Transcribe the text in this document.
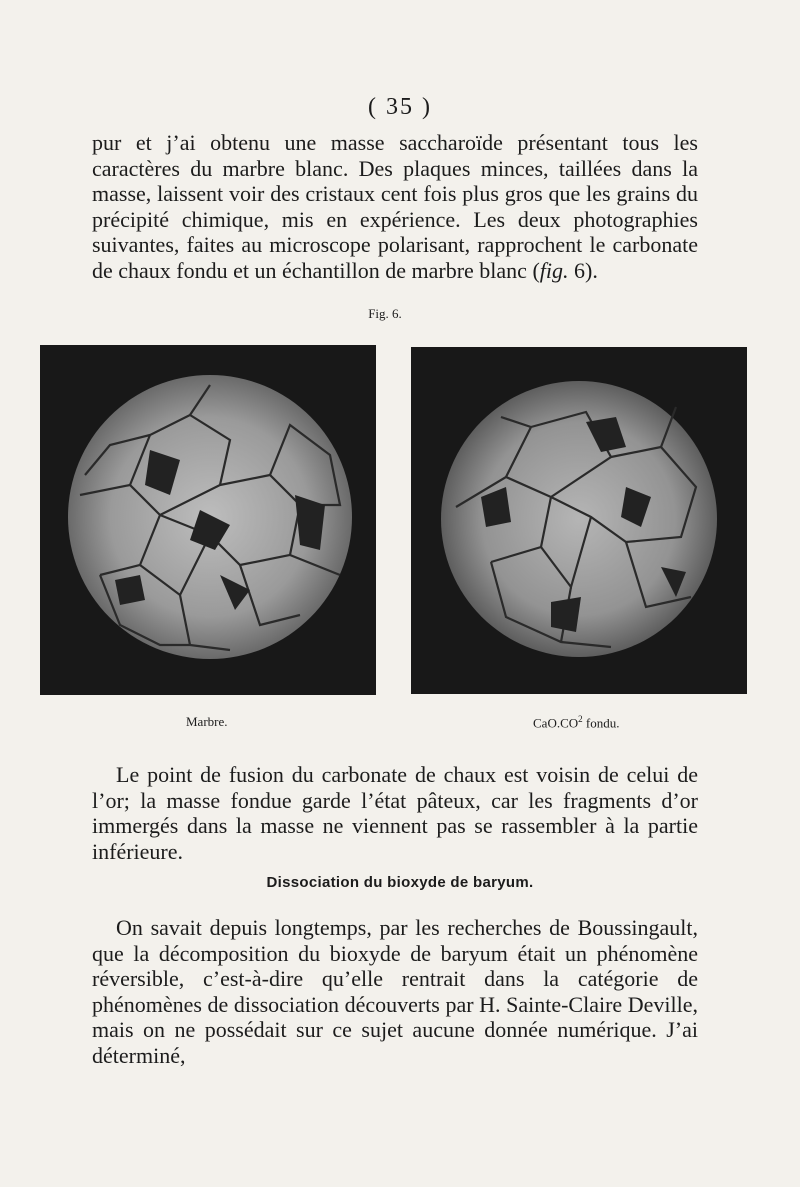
( 35 )

pur et j’ai obtenu une masse saccharoïde présentant tous les caractères du marbre blanc. Des plaques minces, taillées dans la masse, laissent voir des cristaux cent fois plus gros que les grains du précipité chimique, mis en expérience. Les deux photographies suivantes, faites au microscope polarisant, rapprochent le carbonate de chaux fondu et un échantillon de marbre blanc (fig. 6).

Fig. 6.
Marbre.	$CaO.CO^2$ fondu.

Le point de fusion du carbonate de chaux est voisin de celui de l’or; la masse fondue garde l’état pâteux, car les fragments d’or immergés dans la masse ne viennent pas se rassembler à la partie inférieure.

Dissociation du bioxyde de baryum.

On savait depuis longtemps, par les recherches de Boussingault, que la décomposition du bioxyde de baryum était un phénomène réversible, c’est-à-dire qu’elle rentrait dans la catégorie de phénomènes de dissociation découverts par H. Sainte-Claire Deville, mais on ne possédait sur ce sujet aucune donnée numérique. J’ai déterminé,
